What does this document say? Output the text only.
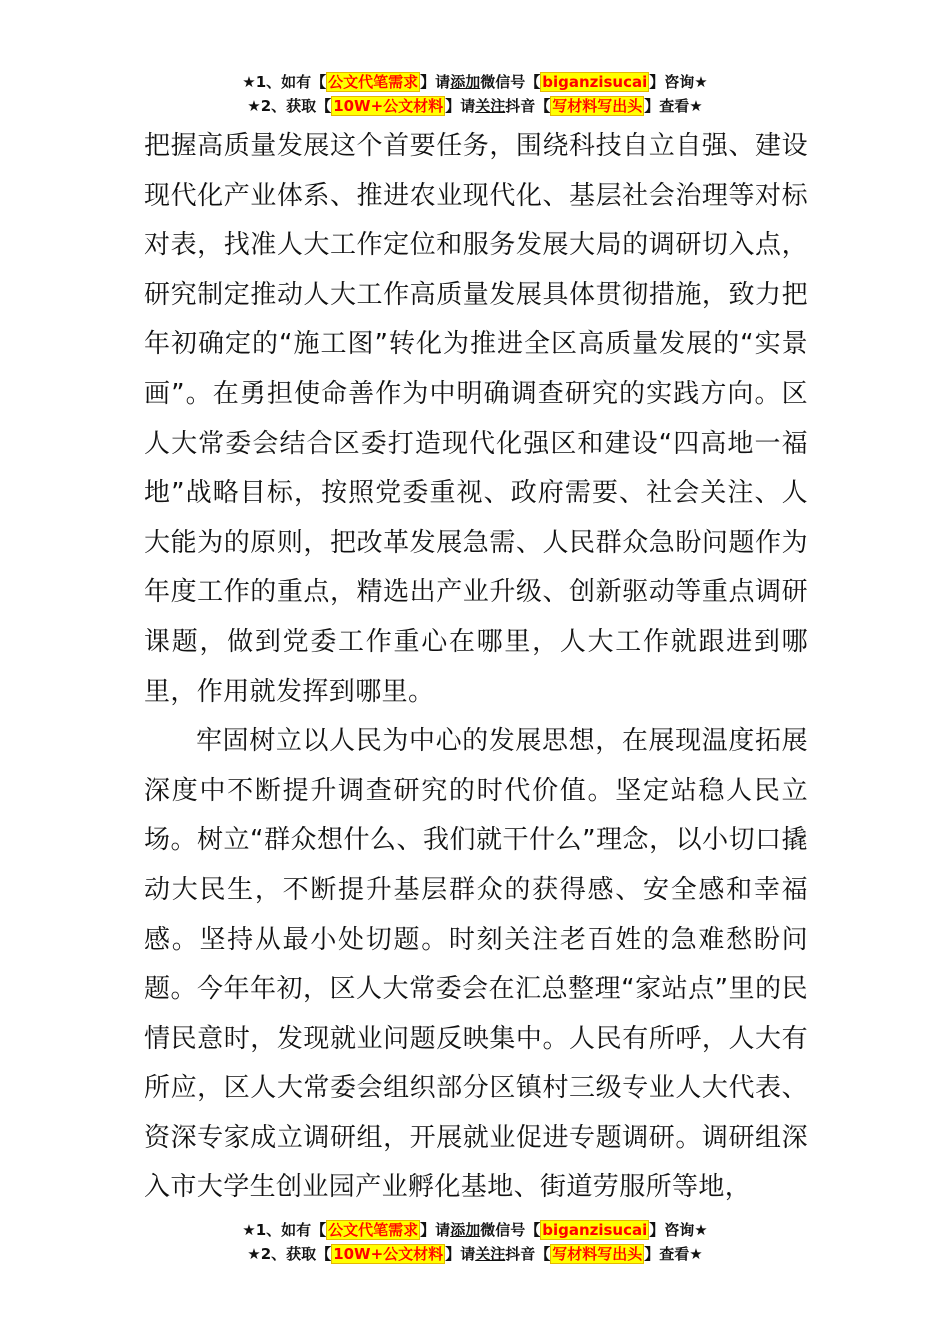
★1、如有【 公文代笔需求 】请添加微信号【 biganzisucai 】咨询★
★2、获取【 10W+公文材料 】请关注抖音【 写材料写出头 】查看★

把握高质量发展这个首要任务，围绕科技自立自强、建设现代化产业体系、推进农业现代化、基层社会治理等对标对表，找准人大工作定位和服务发展大局的调研切入点，研究制定推动人大工作高质量发展具体贯彻措施，致力把年初确定的“施工图”转化为推进全区高质量发展的“实景画”。在勇担使命善作为中明确调查研究的实践方向。区人大常委会结合区委打造现代化强区和建设“四高地一福地”战略目标，按照党委重视、政府需要、社会关注、人大能为的原则，把改革发展急需、人民群众急盼问题作为年度工作的重点，精选出产业升级、创新驱动等重点调研课题，做到党委工作重心在哪里，人大工作就跟进到哪里，作用就发挥到哪里。

牢固树立以人民为中心的发展思想，在展现温度拓展深度中不断提升调查研究的时代价值。坚定站稳人民立场。树立“群众想什么、我们就干什么”理念，以小切口撬动大民生，不断提升基层群众的获得感、安全感和幸福感。坚持从最小处切题。时刻关注老百姓的急难愁盼问题。今年年初，区人大常委会在汇总整理“家站点”里的民情民意时，发现就业问题反映集中。人民有所呼，人大有所应，区人大常委会组织部分区镇村三级专业人大代表、资深专家成立调研组，开展就业促进专题调研。调研组深入市大学生创业园产业孵化基地、街道劳服所等地，

★1、如有【 公文代笔需求 】请添加微信号【 biganzisucai 】咨询★
★2、获取【 10W+公文材料 】请关注抖音【 写材料写出头 】查看★
